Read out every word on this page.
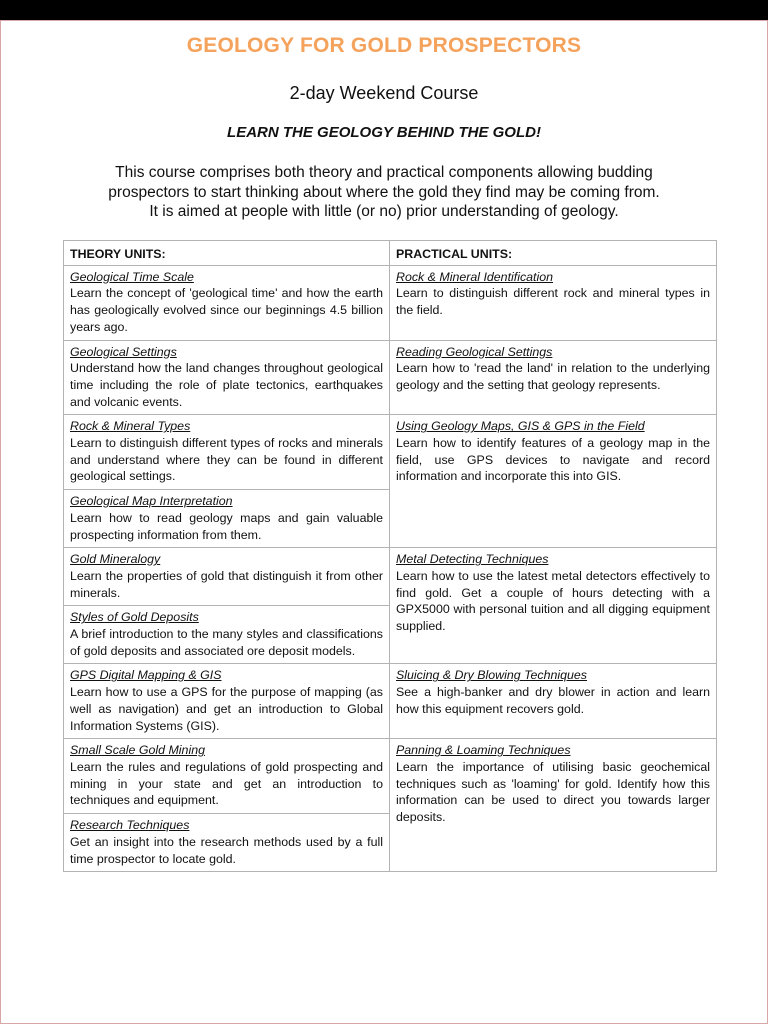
GEOLOGY FOR GOLD PROSPECTORS
2-day Weekend Course
LEARN THE GEOLOGY BEHIND THE GOLD!
This course comprises both theory and practical components allowing budding
prospectors to start thinking about where the gold they find may be coming from.
It is aimed at people with little (or no) prior understanding of geology.
THEORY UNITS:	PRACTICAL UNITS:

Geological Time Scale
Learn the concept of 'geological time' and how the earth has geologically evolved since our beginnings 4.5 billion years ago.	Rock & Mineral Identification
Learn to distinguish different rock and mineral types in the field.

Geological Settings
Understand how the land changes throughout geological time including the role of plate tectonics, earthquakes and volcanic events.	Reading Geological Settings
Learn how to 'read the land' in relation to the underlying geology and the setting that geology represents.

Rock & Mineral Types
Learn to distinguish different types of rocks and minerals and understand where they can be found in different geological settings.	Using Geology Maps, GIS & GPS in the Field
Learn how to identify features of a geology map in the field, use GPS devices to navigate and record information and incorporate this into GIS.

Geological Map Interpretation
Learn how to read geology maps and gain valuable prospecting information from them.	

Gold Mineralogy
Learn the properties of gold that distinguish it from other minerals.	Metal Detecting Techniques
Learn how to use the latest metal detectors effectively to find gold. Get a couple of hours detecting with a GPX5000 with personal tuition and all digging equipment supplied.

Styles of Gold Deposits
A brief introduction to the many styles and classifications of gold deposits and associated ore deposit models.	

GPS Digital Mapping & GIS
Learn how to use a GPS for the purpose of mapping (as well as navigation) and get an introduction to Global Information Systems (GIS).	Sluicing & Dry Blowing Techniques
See a high-banker and dry blower in action and learn how this equipment recovers gold.

Small Scale Gold Mining
Learn the rules and regulations of gold prospecting and mining in your state and get an introduction to techniques and equipment.	Panning & Loaming Techniques
Learn the importance of utilising basic geochemical techniques such as 'loaming' for gold. Identify how this information can be used to direct you towards larger deposits.

Research Techniques
Get an insight into the research methods used by a full time prospector to locate gold.	
